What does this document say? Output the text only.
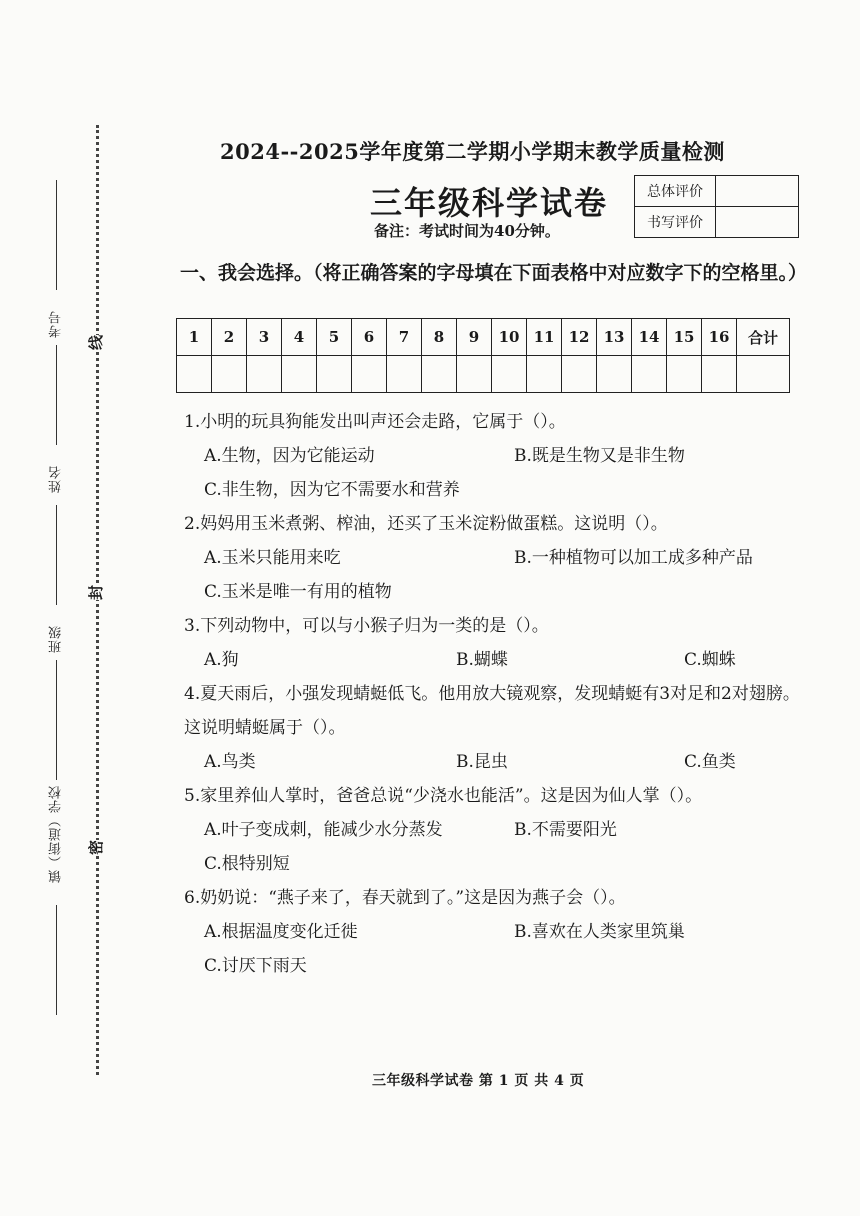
考号
姓名
班级
镇（街道）学校
线
封
密
2024--2025学年度第二学期小学期末教学质量检测
三年级科学试卷
备注：考试时间为40分钟。
总体评价	
书写评价	
一、我会选择。（将正确答案的字母填在下面表格中对应数字下的空格里。）
1	2	3	4	5	6	7	8	9	10	11	12	13	14	15	16	合计

1.小明的玩具狗能发出叫声还会走路，它属于（）。
A.生物，因为它能运动	B.既是生物又是非生物
C.非生物，因为它不需要水和营养
2.妈妈用玉米煮粥、榨油，还买了玉米淀粉做蛋糕。这说明（）。
A.玉米只能用来吃	B.一种植物可以加工成多种产品
C.玉米是唯一有用的植物
3.下列动物中，可以与小猴子归为一类的是（）。
A.狗	B.蝴蝶	C.蜘蛛
4.夏天雨后，小强发现蜻蜓低飞。他用放大镜观察，发现蜻蜓有3对足和2对翅膀。这说明蜻蜓属于（）。
A.鸟类	B.昆虫	C.鱼类
5.家里养仙人掌时，爸爸总说“少浇水也能活”。这是因为仙人掌（）。
A.叶子变成刺，能减少水分蒸发	B.不需要阳光
C.根特别短
6.奶奶说：“燕子来了，春天就到了。”这是因为燕子会（）。
A.根据温度变化迁徙	B.喜欢在人类家里筑巢
C.讨厌下雨天
三年级科学试卷 第 1 页 共 4 页
